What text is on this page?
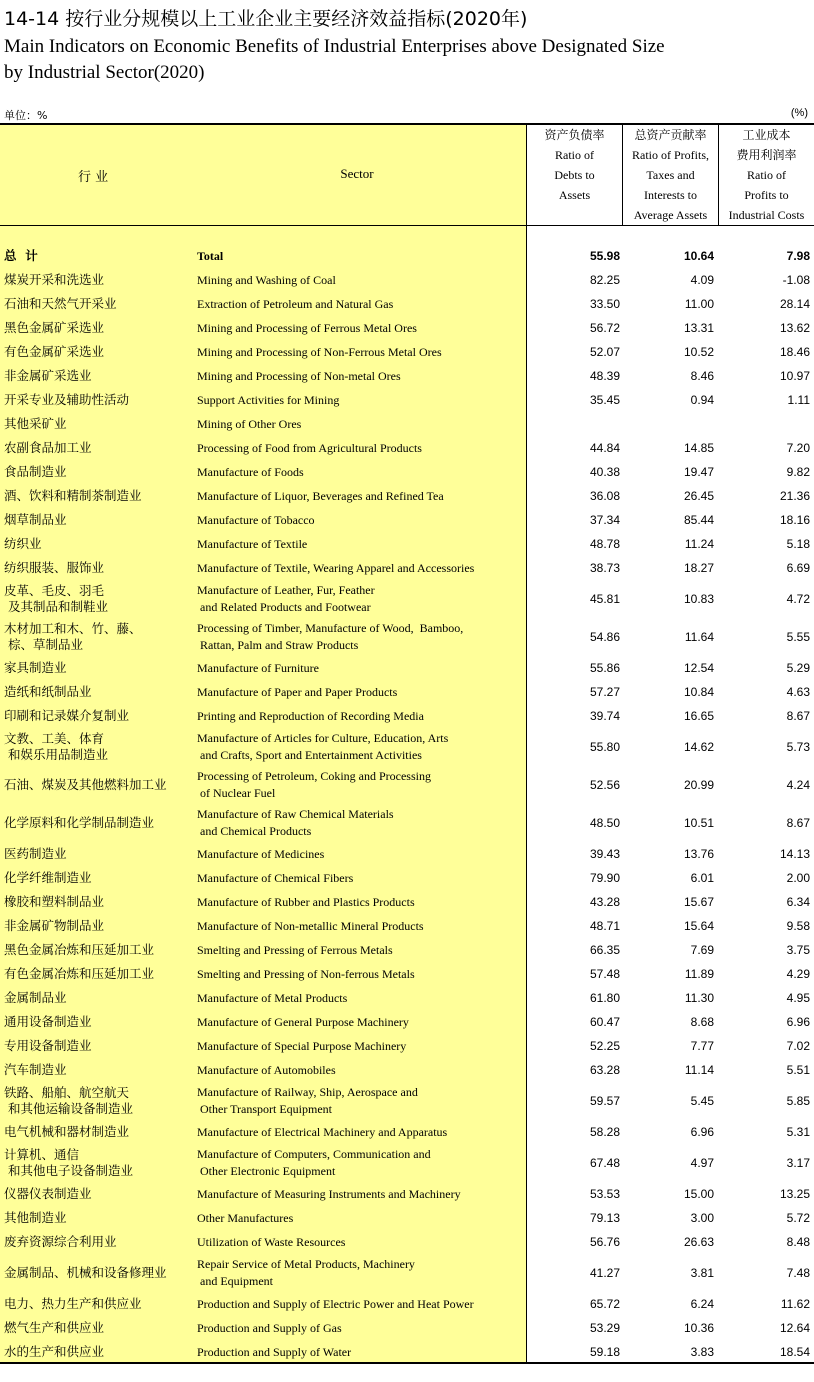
14-14 按行业分规模以上工业企业主要经济效益指标(2020年)
Main Indicators on Economic Benefits of Industrial Enterprises above Designated Size
by Industrial Sector(2020)
单位：%	(%)
行 业	Sector
资产负债率
Ratio of
Debts to
Assets
总资产贡献率
Ratio of Profits,
Taxes and
Interests to
Average Assets
工业成本
费用利润率
Ratio of
Profits to
Industrial Costs
总  计	Total	55.98	10.64	7.98
煤炭开采和洗选业	Mining and Washing of Coal	82.25	4.09	-1.08
石油和天然气开采业	Extraction of Petroleum and Natural Gas	33.50	11.00	28.14
黑色金属矿采选业	Mining and Processing of Ferrous Metal Ores	56.72	13.31	13.62
有色金属矿采选业	Mining and Processing of Non-Ferrous Metal Ores	52.07	10.52	18.46
非金属矿采选业	Mining and Processing of Non-metal Ores	48.39	8.46	10.97
开采专业及辅助性活动	Support Activities for Mining	35.45	0.94	1.11
其他采矿业	Mining of Other Ores
农副食品加工业	Processing of Food from Agricultural Products	44.84	14.85	7.20
食品制造业	Manufacture of Foods	40.38	19.47	9.82
酒、饮料和精制茶制造业	Manufacture of Liquor, Beverages and Refined Tea	36.08	26.45	21.36
烟草制品业	Manufacture of Tobacco	37.34	85.44	18.16
纺织业	Manufacture of Textile	48.78	11.24	5.18
纺织服装、服饰业	Manufacture of Textile, Wearing Apparel and Accessories	38.73	18.27	6.69
皮革、毛皮、羽毛
及其制品和制鞋业
Manufacture of Leather, Fur, Feather
and Related Products and Footwear
45.81	10.83	4.72
木材加工和木、竹、藤、
棕、草制品业
Processing of Timber, Manufacture of Wood,  Bamboo,
Rattan, Palm and Straw Products
54.86	11.64	5.55
家具制造业	Manufacture of Furniture	55.86	12.54	5.29
造纸和纸制品业	Manufacture of Paper and Paper Products	57.27	10.84	4.63
印刷和记录媒介复制业	Printing and Reproduction of Recording Media	39.74	16.65	8.67
文教、工美、体育
和娱乐用品制造业
Manufacture of Articles for Culture, Education, Arts
and Crafts, Sport and Entertainment Activities
55.80	14.62	5.73
石油、煤炭及其他燃料加工业
Processing of Petroleum, Coking and Processing
of Nuclear Fuel
52.56	20.99	4.24
化学原料和化学制品制造业
Manufacture of Raw Chemical Materials
and Chemical Products
48.50	10.51	8.67
医药制造业	Manufacture of Medicines	39.43	13.76	14.13
化学纤维制造业	Manufacture of Chemical Fibers	79.90	6.01	2.00
橡胶和塑料制品业	Manufacture of Rubber and Plastics Products	43.28	15.67	6.34
非金属矿物制品业	Manufacture of Non-metallic Mineral Products	48.71	15.64	9.58
黑色金属冶炼和压延加工业	Smelting and Pressing of Ferrous Metals	66.35	7.69	3.75
有色金属冶炼和压延加工业	Smelting and Pressing of Non-ferrous Metals	57.48	11.89	4.29
金属制品业	Manufacture of Metal Products	61.80	11.30	4.95
通用设备制造业	Manufacture of General Purpose Machinery	60.47	8.68	6.96
专用设备制造业	Manufacture of Special Purpose Machinery	52.25	7.77	7.02
汽车制造业	Manufacture of Automobiles	63.28	11.14	5.51
铁路、船舶、航空航天
和其他运输设备制造业
Manufacture of Railway, Ship, Aerospace and
Other Transport Equipment
59.57	5.45	5.85
电气机械和器材制造业	Manufacture of Electrical Machinery and Apparatus	58.28	6.96	5.31
计算机、通信
和其他电子设备制造业
Manufacture of Computers, Communication and
Other Electronic Equipment
67.48	4.97	3.17
仪器仪表制造业	Manufacture of Measuring Instruments and Machinery	53.53	15.00	13.25
其他制造业	Other Manufactures	79.13	3.00	5.72
废弃资源综合利用业	Utilization of Waste Resources	56.76	26.63	8.48
金属制品、机械和设备修理业
Repair Service of Metal Products, Machinery
and Equipment
41.27	3.81	7.48
电力、热力生产和供应业	Production and Supply of Electric Power and Heat Power	65.72	6.24	11.62
燃气生产和供应业	Production and Supply of Gas	53.29	10.36	12.64
水的生产和供应业	Production and Supply of Water	59.18	3.83	18.54
